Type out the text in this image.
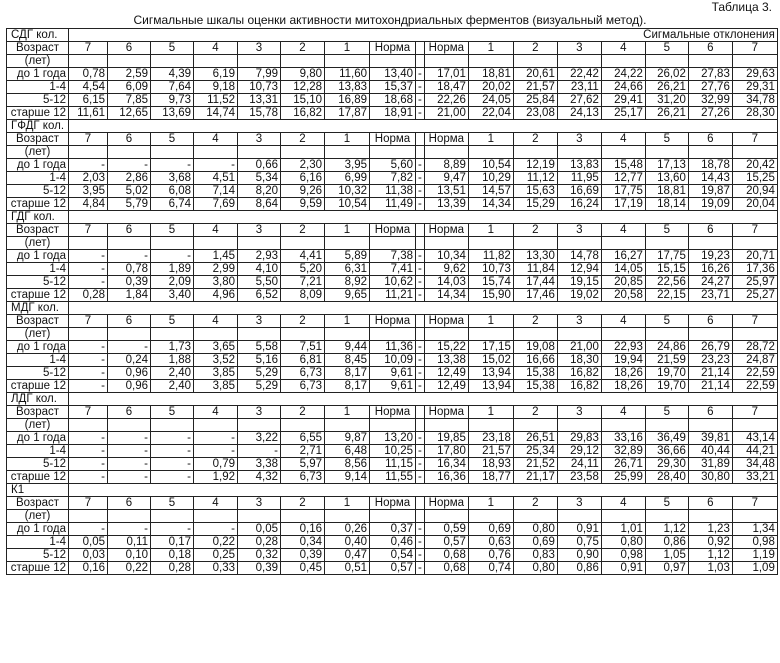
Таблица 3.
Сигмальные шкалы оценки активности митохондриальных ферментов (визуальный метод).
СДГ кол.	Сигмальные отклонения																
Возраст	7	6	5	4	3	2	1	Норма		Норма	1	2	3	4	5	6	7
(лет)																	
до 1 года	0,78	2,59	4,39	6,19	7,99	9,80	11,60	13,40	-	17,01	18,81	20,61	22,42	24,22	26,02	27,83	29,63
1-4	4,54	6,09	7,64	9,18	10,73	12,28	13,83	15,37	-	18,47	20,02	21,57	23,11	24,66	26,21	27,76	29,31
5-12	6,15	7,85	9,73	11,52	13,31	15,10	16,89	18,68	-	22,26	24,05	25,84	27,62	29,41	31,20	32,99	34,78
старше 12	11,61	12,65	13,69	14,74	15,78	16,82	17,87	18,91	-	21,00	22,04	23,08	24,13	25,17	26,21	27,26	28,30
ГФДГ кол.																	
Возраст	7	6	5	4	3	2	1	Норма		Норма	1	2	3	4	5	6	7
(лет)																	
до 1 года	-	-	-	-	0,66	2,30	3,95	5,60	-	8,89	10,54	12,19	13,83	15,48	17,13	18,78	20,42
1-4	2,03	2,86	3,68	4,51	5,34	6,16	6,99	7,82	-	9,47	10,29	11,12	11,95	12,77	13,60	14,43	15,25
5-12	3,95	5,02	6,08	7,14	8,20	9,26	10,32	11,38	-	13,51	14,57	15,63	16,69	17,75	18,81	19,87	20,94
старше 12	4,84	5,79	6,74	7,69	8,64	9,59	10,54	11,49	-	13,39	14,34	15,29	16,24	17,19	18,14	19,09	20,04
ГДГ кол.																	
Возраст	7	6	5	4	3	2	1	Норма		Норма	1	2	3	4	5	6	7
(лет)																	
до 1 года	-	-	-	1,45	2,93	4,41	5,89	7,38	-	10,34	11,82	13,30	14,78	16,27	17,75	19,23	20,71
1-4	-	0,78	1,89	2,99	4,10	5,20	6,31	7,41	-	9,62	10,73	11,84	12,94	14,05	15,15	16,26	17,36
5-12	-	0,39	2,09	3,80	5,50	7,21	8,92	10,62	-	14,03	15,74	17,44	19,15	20,85	22,56	24,27	25,97
старше 12	0,28	1,84	3,40	4,96	6,52	8,09	9,65	11,21	-	14,34	15,90	17,46	19,02	20,58	22,15	23,71	25,27
МДГ кол.																	
Возраст	7	6	5	4	3	2	1	Норма		Норма	1	2	3	4	5	6	7
(лет)																	
до 1 года	-	-	1,73	3,65	5,58	7,51	9,44	11,36	-	15,22	17,15	19,08	21,00	22,93	24,86	26,79	28,72
1-4	-	0,24	1,88	3,52	5,16	6,81	8,45	10,09	-	13,38	15,02	16,66	18,30	19,94	21,59	23,23	24,87
5-12	-	0,96	2,40	3,85	5,29	6,73	8,17	9,61	-	12,49	13,94	15,38	16,82	18,26	19,70	21,14	22,59
старше 12	-	0,96	2,40	3,85	5,29	6,73	8,17	9,61	-	12,49	13,94	15,38	16,82	18,26	19,70	21,14	22,59
ЛДГ кол.																	
Возраст	7	6	5	4	3	2	1	Норма		Норма	1	2	3	4	5	6	7
(лет)																	
до 1 года	-	-	-	-	3,22	6,55	9,87	13,20	-	19,85	23,18	26,51	29,83	33,16	36,49	39,81	43,14
1-4	-	-	-	-	-	2,71	6,48	10,25	-	17,80	21,57	25,34	29,12	32,89	36,66	40,44	44,21
5-12	-	-	-	0,79	3,38	5,97	8,56	11,15	-	16,34	18,93	21,52	24,11	26,71	29,30	31,89	34,48
старше 12	-	-	-	1,92	4,32	6,73	9,14	11,55	-	16,36	18,77	21,17	23,58	25,99	28,40	30,80	33,21
К1																	
Возраст	7	6	5	4	3	2	1	Норма		Норма	1	2	3	4	5	6	7
(лет)																	
до 1 года	-	-	-	-	0,05	0,16	0,26	0,37	-	0,59	0,69	0,80	0,91	1,01	1,12	1,23	1,34
1-4	0,05	0,11	0,17	0,22	0,28	0,34	0,40	0,46	-	0,57	0,63	0,69	0,75	0,80	0,86	0,92	0,98
5-12	0,03	0,10	0,18	0,25	0,32	0,39	0,47	0,54	-	0,68	0,76	0,83	0,90	0,98	1,05	1,12	1,19
старше 12	0,16	0,22	0,28	0,33	0,39	0,45	0,51	0,57	-	0,68	0,74	0,80	0,86	0,91	0,97	1,03	1,09
